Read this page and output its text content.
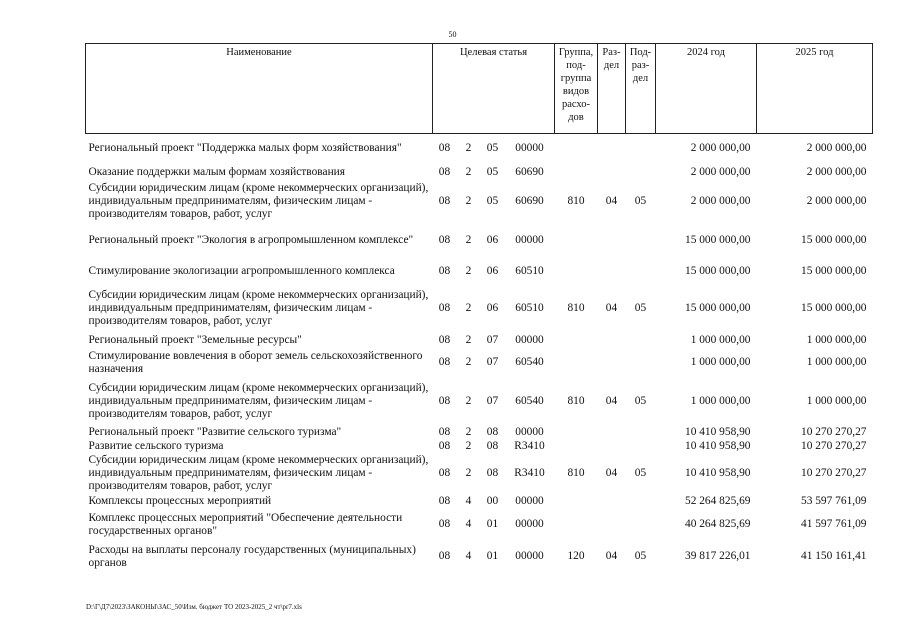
50
Наименование	Целевая статья				Группа, под- группа видов расхо- дов	Раз- дел	Под- раз- дел	2024 год	2025 год
Региональный проект "Поддержка малых форм хозяйствования"	08	2	05	00000				2 000 000,00	2 000 000,00
Оказание поддержки малым формам хозяйствования	08	2	05	60690				2 000 000,00	2 000 000,00
Субсидии юридическим лицам (кроме некоммерческих организаций), индивидуальным предпринимателям, физическим лицам - производителям товаров, работ, услуг	08	2	05	60690	810	04	05	2 000 000,00	2 000 000,00
Региональный проект "Экология в агропромышленном комплексе"	08	2	06	00000				15 000 000,00	15 000 000,00
Стимулирование экологизации агропромышленного комплекса	08	2	06	60510				15 000 000,00	15 000 000,00
Субсидии юридическим лицам (кроме некоммерческих организаций), индивидуальным предпринимателям, физическим лицам - производителям товаров, работ, услуг	08	2	06	60510	810	04	05	15 000 000,00	15 000 000,00
Региональный проект "Земельные ресурсы"	08	2	07	00000				1 000 000,00	1 000 000,00
Стимулирование вовлечения в оборот земель сельскохозяйственного назначения	08	2	07	60540				1 000 000,00	1 000 000,00
Субсидии юридическим лицам (кроме некоммерческих организаций), индивидуальным предпринимателям, физическим лицам - производителям товаров, работ, услуг	08	2	07	60540	810	04	05	1 000 000,00	1 000 000,00
Региональный проект "Развитие сельского туризма"	08	2	08	00000				10 410 958,90	10 270 270,27
Развитие сельского туризма	08	2	08	R3410				10 410 958,90	10 270 270,27
Субсидии юридическим лицам (кроме некоммерческих организаций), индивидуальным предпринимателям, физическим лицам - производителям товаров, работ, услуг	08	2	08	R3410	810	04	05	10 410 958,90	10 270 270,27
Комплексы процессных мероприятий	08	4	00	00000				52 264 825,69	53 597 761,09
Комплекс процессных мероприятий "Обеспечение деятельности государственных органов"	08	4	01	00000				40 264 825,69	41 597 761,09
Расходы на выплаты персоналу государственных (муниципальных) органов	08	4	01	00000	120	04	05	39 817 226,01	41 150 161,41
D:\Г\Д7\2023\ЗАКОНЫ\ЗАС_50\Изм. бюджет ТО 2023-2025_2 чт\pr7.xls
